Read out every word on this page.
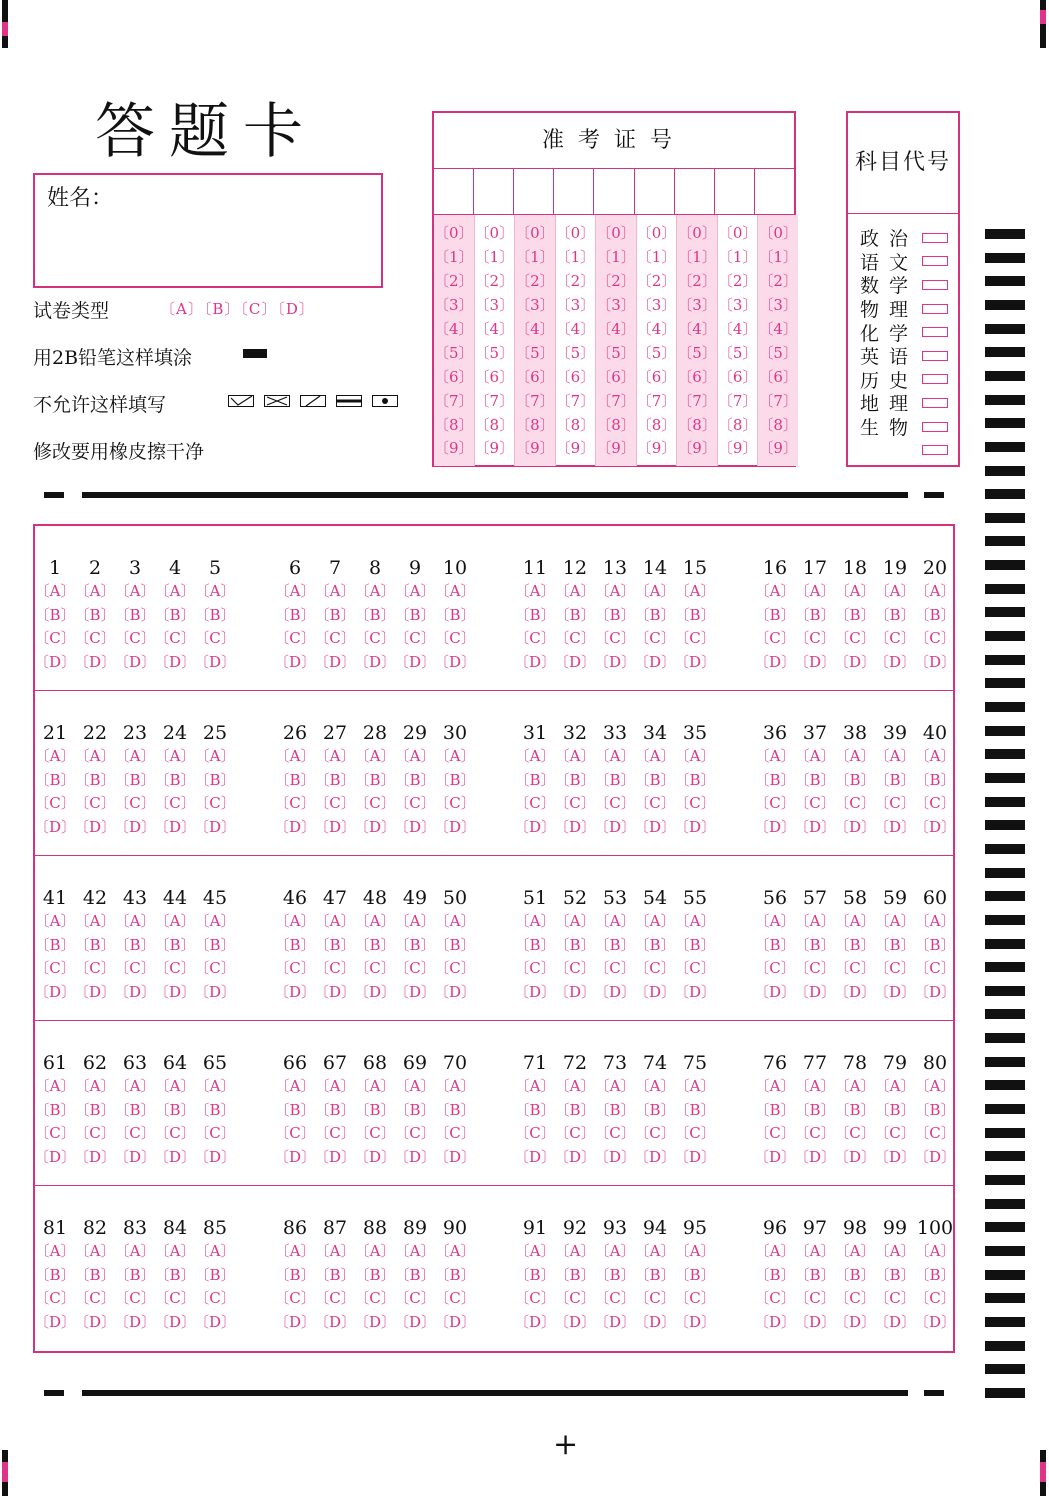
答题卡
姓名：
试卷类型	〔A〕〔B〕〔C〕〔D〕
用2B铅笔这样填涂
不允许这样填写
修改要用橡皮擦干净
准考证号
〔0〕
〔1〕
〔2〕
〔3〕
〔4〕
〔5〕
〔6〕
〔7〕
〔8〕
〔9〕
〔0〕
〔1〕
〔2〕
〔3〕
〔4〕
〔5〕
〔6〕
〔7〕
〔8〕
〔9〕
〔0〕
〔1〕
〔2〕
〔3〕
〔4〕
〔5〕
〔6〕
〔7〕
〔8〕
〔9〕
〔0〕
〔1〕
〔2〕
〔3〕
〔4〕
〔5〕
〔6〕
〔7〕
〔8〕
〔9〕
〔0〕
〔1〕
〔2〕
〔3〕
〔4〕
〔5〕
〔6〕
〔7〕
〔8〕
〔9〕
〔0〕
〔1〕
〔2〕
〔3〕
〔4〕
〔5〕
〔6〕
〔7〕
〔8〕
〔9〕
〔0〕
〔1〕
〔2〕
〔3〕
〔4〕
〔5〕
〔6〕
〔7〕
〔8〕
〔9〕
〔0〕
〔1〕
〔2〕
〔3〕
〔4〕
〔5〕
〔6〕
〔7〕
〔8〕
〔9〕
〔0〕
〔1〕
〔2〕
〔3〕
〔4〕
〔5〕
〔6〕
〔7〕
〔8〕
〔9〕
科目代号
政治
语文
数学
物理
化学
英语
历史
地理
生物
1
〔A〕
〔B〕
〔C〕
〔D〕
2
〔A〕
〔B〕
〔C〕
〔D〕
3
〔A〕
〔B〕
〔C〕
〔D〕
4
〔A〕
〔B〕
〔C〕
〔D〕
5
〔A〕
〔B〕
〔C〕
〔D〕
6
〔A〕
〔B〕
〔C〕
〔D〕
7
〔A〕
〔B〕
〔C〕
〔D〕
8
〔A〕
〔B〕
〔C〕
〔D〕
9
〔A〕
〔B〕
〔C〕
〔D〕
10
〔A〕
〔B〕
〔C〕
〔D〕
11
〔A〕
〔B〕
〔C〕
〔D〕
12
〔A〕
〔B〕
〔C〕
〔D〕
13
〔A〕
〔B〕
〔C〕
〔D〕
14
〔A〕
〔B〕
〔C〕
〔D〕
15
〔A〕
〔B〕
〔C〕
〔D〕
16
〔A〕
〔B〕
〔C〕
〔D〕
17
〔A〕
〔B〕
〔C〕
〔D〕
18
〔A〕
〔B〕
〔C〕
〔D〕
19
〔A〕
〔B〕
〔C〕
〔D〕
20
〔A〕
〔B〕
〔C〕
〔D〕
21
〔A〕
〔B〕
〔C〕
〔D〕
22
〔A〕
〔B〕
〔C〕
〔D〕
23
〔A〕
〔B〕
〔C〕
〔D〕
24
〔A〕
〔B〕
〔C〕
〔D〕
25
〔A〕
〔B〕
〔C〕
〔D〕
26
〔A〕
〔B〕
〔C〕
〔D〕
27
〔A〕
〔B〕
〔C〕
〔D〕
28
〔A〕
〔B〕
〔C〕
〔D〕
29
〔A〕
〔B〕
〔C〕
〔D〕
30
〔A〕
〔B〕
〔C〕
〔D〕
31
〔A〕
〔B〕
〔C〕
〔D〕
32
〔A〕
〔B〕
〔C〕
〔D〕
33
〔A〕
〔B〕
〔C〕
〔D〕
34
〔A〕
〔B〕
〔C〕
〔D〕
35
〔A〕
〔B〕
〔C〕
〔D〕
36
〔A〕
〔B〕
〔C〕
〔D〕
37
〔A〕
〔B〕
〔C〕
〔D〕
38
〔A〕
〔B〕
〔C〕
〔D〕
39
〔A〕
〔B〕
〔C〕
〔D〕
40
〔A〕
〔B〕
〔C〕
〔D〕
41
〔A〕
〔B〕
〔C〕
〔D〕
42
〔A〕
〔B〕
〔C〕
〔D〕
43
〔A〕
〔B〕
〔C〕
〔D〕
44
〔A〕
〔B〕
〔C〕
〔D〕
45
〔A〕
〔B〕
〔C〕
〔D〕
46
〔A〕
〔B〕
〔C〕
〔D〕
47
〔A〕
〔B〕
〔C〕
〔D〕
48
〔A〕
〔B〕
〔C〕
〔D〕
49
〔A〕
〔B〕
〔C〕
〔D〕
50
〔A〕
〔B〕
〔C〕
〔D〕
51
〔A〕
〔B〕
〔C〕
〔D〕
52
〔A〕
〔B〕
〔C〕
〔D〕
53
〔A〕
〔B〕
〔C〕
〔D〕
54
〔A〕
〔B〕
〔C〕
〔D〕
55
〔A〕
〔B〕
〔C〕
〔D〕
56
〔A〕
〔B〕
〔C〕
〔D〕
57
〔A〕
〔B〕
〔C〕
〔D〕
58
〔A〕
〔B〕
〔C〕
〔D〕
59
〔A〕
〔B〕
〔C〕
〔D〕
60
〔A〕
〔B〕
〔C〕
〔D〕
61
〔A〕
〔B〕
〔C〕
〔D〕
62
〔A〕
〔B〕
〔C〕
〔D〕
63
〔A〕
〔B〕
〔C〕
〔D〕
64
〔A〕
〔B〕
〔C〕
〔D〕
65
〔A〕
〔B〕
〔C〕
〔D〕
66
〔A〕
〔B〕
〔C〕
〔D〕
67
〔A〕
〔B〕
〔C〕
〔D〕
68
〔A〕
〔B〕
〔C〕
〔D〕
69
〔A〕
〔B〕
〔C〕
〔D〕
70
〔A〕
〔B〕
〔C〕
〔D〕
71
〔A〕
〔B〕
〔C〕
〔D〕
72
〔A〕
〔B〕
〔C〕
〔D〕
73
〔A〕
〔B〕
〔C〕
〔D〕
74
〔A〕
〔B〕
〔C〕
〔D〕
75
〔A〕
〔B〕
〔C〕
〔D〕
76
〔A〕
〔B〕
〔C〕
〔D〕
77
〔A〕
〔B〕
〔C〕
〔D〕
78
〔A〕
〔B〕
〔C〕
〔D〕
79
〔A〕
〔B〕
〔C〕
〔D〕
80
〔A〕
〔B〕
〔C〕
〔D〕
81
〔A〕
〔B〕
〔C〕
〔D〕
82
〔A〕
〔B〕
〔C〕
〔D〕
83
〔A〕
〔B〕
〔C〕
〔D〕
84
〔A〕
〔B〕
〔C〕
〔D〕
85
〔A〕
〔B〕
〔C〕
〔D〕
86
〔A〕
〔B〕
〔C〕
〔D〕
87
〔A〕
〔B〕
〔C〕
〔D〕
88
〔A〕
〔B〕
〔C〕
〔D〕
89
〔A〕
〔B〕
〔C〕
〔D〕
90
〔A〕
〔B〕
〔C〕
〔D〕
91
〔A〕
〔B〕
〔C〕
〔D〕
92
〔A〕
〔B〕
〔C〕
〔D〕
93
〔A〕
〔B〕
〔C〕
〔D〕
94
〔A〕
〔B〕
〔C〕
〔D〕
95
〔A〕
〔B〕
〔C〕
〔D〕
96
〔A〕
〔B〕
〔C〕
〔D〕
97
〔A〕
〔B〕
〔C〕
〔D〕
98
〔A〕
〔B〕
〔C〕
〔D〕
99
〔A〕
〔B〕
〔C〕
〔D〕
100
〔A〕
〔B〕
〔C〕
〔D〕
+
